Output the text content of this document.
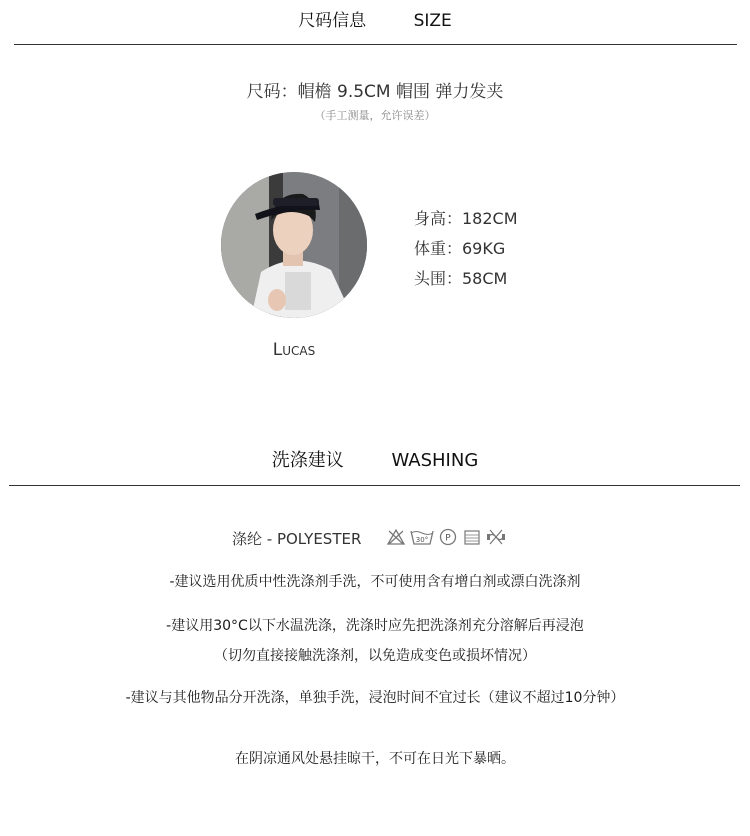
尺码信息	SIZE
尺码：帽檐 9.5CM 帽围 弹力发夹
（手工测量，允许误差）
Lucas
身高：182CM
体重：69KG
头围：58CM
洗涤建议	WASHING
涤纶 - POLYESTER	30° P
-建议选用优质中性洗涤剂手洗，不可使用含有增白剂或漂白洗涤剂
-建议用30°C以下水温洗涤，洗涤时应先把洗涤剂充分溶解后再浸泡
（切勿直接接触洗涤剂，以免造成变色或损坏情况）
-建议与其他物品分开洗涤，单独手洗，浸泡时间不宜过长（建议不超过10分钟）
在阴凉通风处悬挂晾干，不可在日光下暴晒。
